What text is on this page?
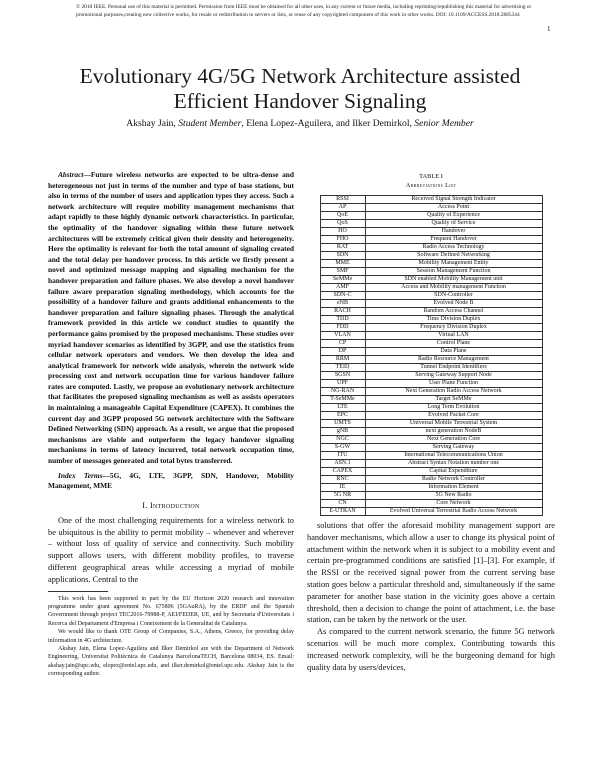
© 2018 IEEE. Personal use of this material is permitted. Permission from IEEE must be obtained for all other uses, in any current or future media, including reprinting/republishing this material for advertising or promotional purposes,creating new collective works, for resale or redistribution to servers or lists, or reuse of any copyrighted component of this work in other works. DOI: 10.1109/ACCESS.2018.2885344
1
Evolutionary 4G/5G Network Architecture assisted
Efficient Handover Signaling
Akshay Jain, Student Member, Elena Lopez-Aguilera, and Ilker Demirkol, Senior Member

Abstract—Future wireless networks are expected to be ultra-dense and heterogeneous not just in terms of the number and type of base stations, but also in terms of the number of users and application types they access. Such a network architecture will require mobility management mechanisms that adapt rapidly to these highly dynamic network characteristics. In particular, the optimality of the handover signaling within these future network architectures will be extremely critical given their density and heterogeneity. Here the optimality is relevant for both the total amount of signaling created and the total delay per handover process. In this article we firstly present a novel and optimized message mapping and signaling mechanism for the handover preparation and failure phases. We also develop a novel handover failure aware preparation signaling methodology, which accounts for the possibility of a handover failure and grants additional enhancements to the handover preparation and failure signaling phases. Through the analytical framework provided in this article we conduct studies to quantify the performance gains promised by the proposed mechanisms. These studies over myriad handover scenarios as identified by 3GPP, and use the statistics from cellular network operators and vendors. We then develop the idea and analytical framework for network wide analysis, wherein the network wide processing cost and network occupation time for various handover failure rates are computed. Lastly, we propose an evolutionary network architecture that facilitates the proposed signaling mechanism as well as assists operators in maintaining a manageable Capital Expenditure (CAPEX). It combines the current day and 3GPP proposed 5G network architecture with the Software Defined Networking (SDN) approach. As a result, we argue that the proposed mechanisms are viable and outperform the legacy handover signaling mechanisms in terms of latency incurred, total network occupation time, number of messages generated and total bytes transferred.

Index Terms—5G, 4G, LTE, 3GPP, SDN, Handover, Mobility Management, MME

I. Introduction

One of the most challenging requirements for a wireless network to be ubiquitous is the ability to permit mobility – whenever and wherever – without loss of quality of service and connectivity. Such mobility support allows users, with different mobility profiles, to traverse different geographical areas while accessing a myriad of mobile applications. Central to the

This work has been supported in part by the EU Horizon 2020 research and innovation programme under grant agreement No. 675806 (5GAuRA), by the ERDF and the Spanish Government through project TEC2016-79988-P, AEI/FEDER, UE, and by Secretaria d'Universitats i Recerca del Departament d'Empresa i Coneixement de la Generalitat de Catalunya.

We would like to thank OTE Group of Companies, S.A., Athens, Greece, for providing delay information in 4G architecture.

Akshay Jain, Elena Lopez-Aguilera and Ilker Demirkol are with the Department of Network Engineering, Universitat Politècnica de Catalunya BarcelonaTECH, Barcelona 08034, ES. Email: akshay.jain@upc.edu, elopez@entel.upc.edu, and ilker.demirkol@entel.upc.edu. Akshay Jain is the corresponding author.

TABLE I
Abbreviations List
RSSI	Received Signal Strength Indicator
AP	Access Point
QoE	Quality of Experience
QoS	Quality of Service
HO	Handover
FHO	Frequent Handover
RAT	Radio Access Technology
SDN	Software Defined Networking
MME	Mobility Management Entity
SMF	Session Management Function
SeMMe	SDN enabled Mobility Management unit
AMF	Access and Mobility management Function
SDN-C	SDN-Controller
eNB	Evolved Node B
RACH	Random Access Channel
TDD	Time Division Duplex
FDD	Frequency Division Duplex
VLAN	Virtual LAN
CP	Control Plane
DP	Data Plane
RRM	Radio Resource Management
TEID	Tunnel Endpoint Identifiers
SGSN	Serving Gateway Support Node
UPF	User Plane Function
NG-RAN	Next Generation Radio Access Network
T-SeMMe	Target SeMMe
LTE	Long Term Evolution
EPC	Evolved Packet Core
UMTS	Universal Mobile Terrestrial System
gNB	next generation NodeB
NGC	Next Generation Core
S-GW	Serving Gateway
ITU	International Telecommunications Union
ASN.1	Abstract Syntax Notation number one
CAPEX	Capital Expenditure
RNC	Radio Network Controller
IE	Information Element
5G NR	5G New Radio
CN	Core Network
E-UTRAN	Evolved Universal Terrestrial Radio Access Network

solutions that offer the aforesaid mobility management support are handover mechanisms, which allow a user to change its physical point of attachment within the network when it is subject to a mobility event and certain pre-programmed conditions are satisfied [1]–[3]. For example, if the RSSI or the received signal power from the current serving base station goes below a particular threshold and, simultaneously if the same parameter for another base station in the vicinity goes above a certain threshold, then a decision to change the point of attachment, i.e. the base station, can be taken by the network or the user.

As compared to the current network scenario, the future 5G network scenarios will be much more complex. Contributing towards this increased network complexity, will be the burgeoning demand for high quality data by users/devices,
